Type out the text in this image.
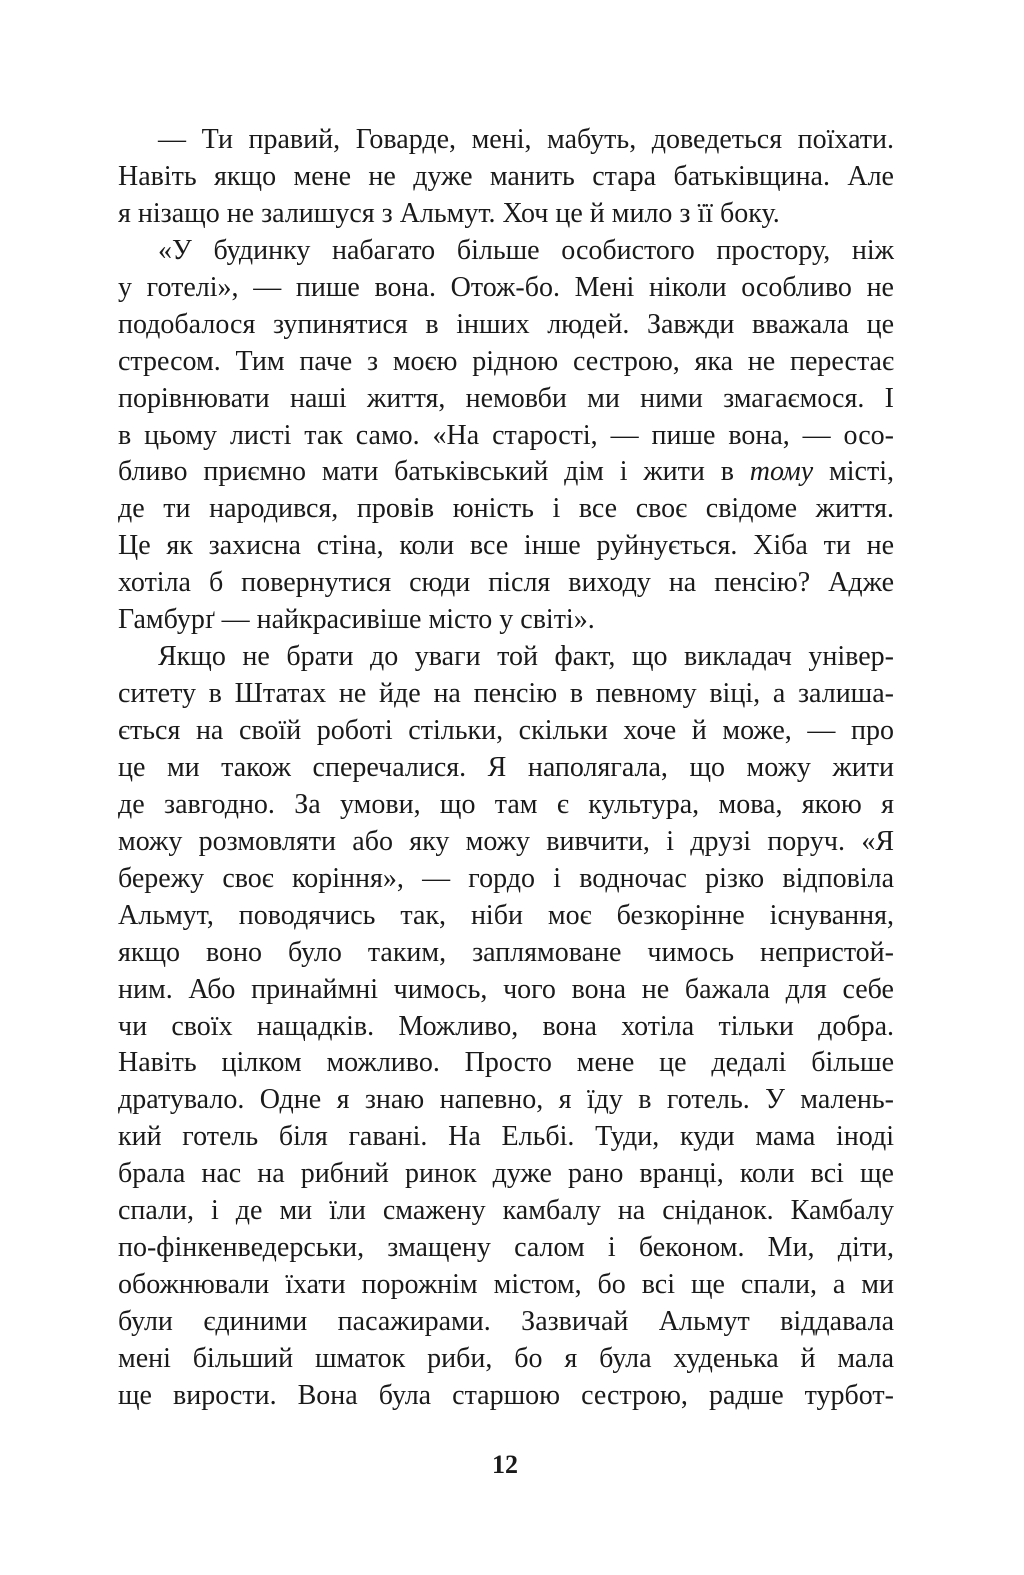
— Ти правий, Говарде, мені, мабуть, доведеться поїхати.
Навіть якщо мене не дуже манить стара батьківщина. Але
я нізащо не залишуся з Альмут. Хоч це й мило з її боку.
«У будинку набагато більше особистого простору, ніж
у готелі», — пише вона. Отож-бо. Мені ніколи особливо не
подобалося зупинятися в інших людей. Завжди вважала це
стресом. Тим паче з моєю рідною сестрою, яка не перестає
порівнювати наші життя, немовби ми ними змагаємося. І
в цьому листі так само. «На старості, — пише вона, — осо-
бливо приємно мати батьківський дім і жити в тому місті,
де ти народився, провів юність і все своє свідоме життя.
Це як захисна стіна, коли все інше руйнується. Хіба ти не
хотіла б повернутися сюди після виходу на пенсію? Адже
Гамбурґ — найкрасивіше місто у світі».
Якщо не брати до уваги той факт, що викладач універ-
ситету в Штатах не йде на пенсію в певному віці, а залиша-
ється на своїй роботі стільки, скільки хоче й може, — про
це ми також сперечалися. Я наполягала, що можу жити
де завгодно. За умови, що там є культура, мова, якою я
можу розмовляти або яку можу вивчити, і друзі поруч. «Я
бережу своє коріння», — гордо і водночас різко відповіла
Альмут, поводячись так, ніби моє безкорінне існування,
якщо воно було таким, заплямоване чимось непристой-
ним. Або принаймні чимось, чого вона не бажала для себе
чи своїх нащадків. Можливо, вона хотіла тільки добра.
Навіть цілком можливо. Просто мене це дедалі більше
дратувало. Одне я знаю напевно, я їду в готель. У малень-
кий готель біля гавані. На Ельбі. Туди, куди мама іноді
брала нас на рибний ринок дуже рано вранці, коли всі ще
спали, і де ми їли смажену камбалу на сніданок. Камбалу
по-фінкенведерськи, змащену салом і беконом. Ми, діти,
обожнювали їхати порожнім містом, бо всі ще спали, а ми
були єдиними пасажирами. Зазвичай Альмут віддавала
мені більший шматок риби, бо я була худенька й мала
ще вирости. Вона була старшою сестрою, радше турбот-
12
